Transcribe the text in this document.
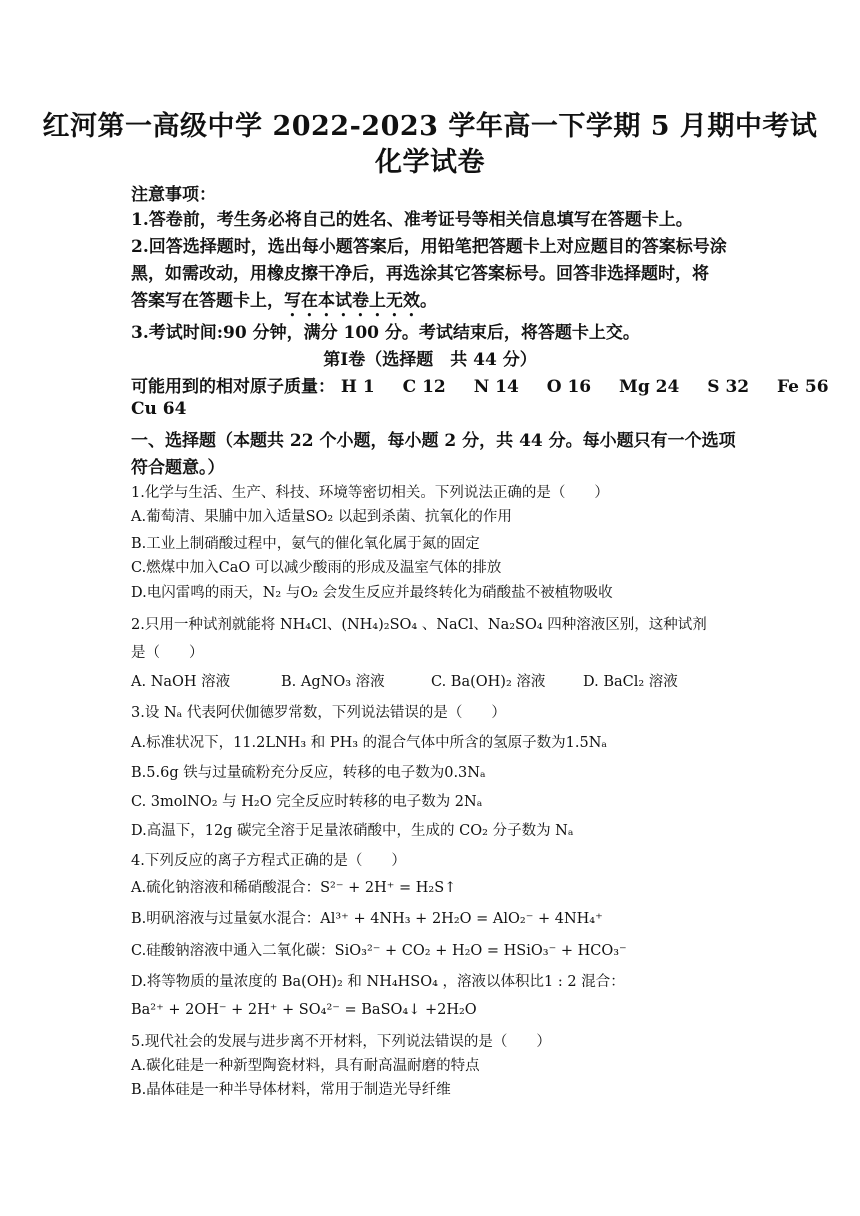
红河第一高级中学 2022-2023 学年高一下学期 5 月期中考试
化学试卷
注意事项：
1.答卷前，考生务必将自己的姓名、准考证号等相关信息填写在答题卡上。
2.回答选择题时，选出每小题答案后，用铅笔把答题卡上对应题目的答案标号涂
黑，如需改动，用橡皮擦干净后，再选涂其它答案标号。回答非选择题时，将
答案写在答题卡上，写在本试卷上无效。
3.考试时间:90 分钟，满分 100 分。考试结束后，将答题卡上交。
第Ⅰ卷（选择题　共 44 分）
可能用到的相对原子质量： H 1 C 12 N 14 O 16 Mg 24 S 32 Fe 56
Cu 64
一、选择题（本题共 22 个小题，每小题 2 分，共 44 分。每小题只有一个选项
符合题意。）
1.化学与生活、生产、科技、环境等密切相关。下列说法正确的是（　　）
A.葡萄清、果脯中加入适量SO₂ 以起到杀菌、抗氧化的作用
B.工业上制硝酸过程中，氨气的催化氧化属于氮的固定
C.燃煤中加入CaO 可以减少酸雨的形成及温室气体的排放
D.电闪雷鸣的雨天，N₂ 与O₂ 会发生反应并最终转化为硝酸盐不被植物吸收
2.只用一种试剂就能将 NH₄Cl、(NH₄)₂SO₄ 、NaCl、Na₂SO₄ 四种溶液区别，这种试剂
是（　　）
A. NaOH 溶液	B. AgNO₃ 溶液	C. Ba(OH)₂ 溶液	D. BaCl₂ 溶液
3.设 Nₐ 代表阿伏伽德罗常数，下列说法错误的是（　　）
A.标准状况下，11.2LNH₃ 和 PH₃ 的混合气体中所含的氢原子数为1.5Nₐ
B.5.6g 铁与过量硫粉充分反应，转移的电子数为0.3Nₐ
C. 3molNO₂ 与 H₂O 完全反应时转移的电子数为 2Nₐ
D.高温下，12g 碳完全溶于足量浓硝酸中，生成的 CO₂ 分子数为 Nₐ
4.下列反应的离子方程式正确的是（　　）
A.硫化钠溶液和稀硝酸混合：S²⁻ + 2H⁺ = H₂S↑
B.明矾溶液与过量氨水混合：Al³⁺ + 4NH₃ + 2H₂O = AlO₂⁻ + 4NH₄⁺
C.硅酸钠溶液中通入二氧化碳：SiO₃²⁻ + CO₂ + H₂O = HSiO₃⁻ + HCO₃⁻
D.将等物质的量浓度的 Ba(OH)₂ 和 NH₄HSO₄ ，溶液以体积比1 : 2 混合：
Ba²⁺ + 2OH⁻ + 2H⁺ + SO₄²⁻ = BaSO₄↓ +2H₂O
5.现代社会的发展与进步离不开材料，下列说法错误的是（　　）
A.碳化硅是一种新型陶瓷材料，具有耐高温耐磨的特点
B.晶体硅是一种半导体材料，常用于制造光导纤维
